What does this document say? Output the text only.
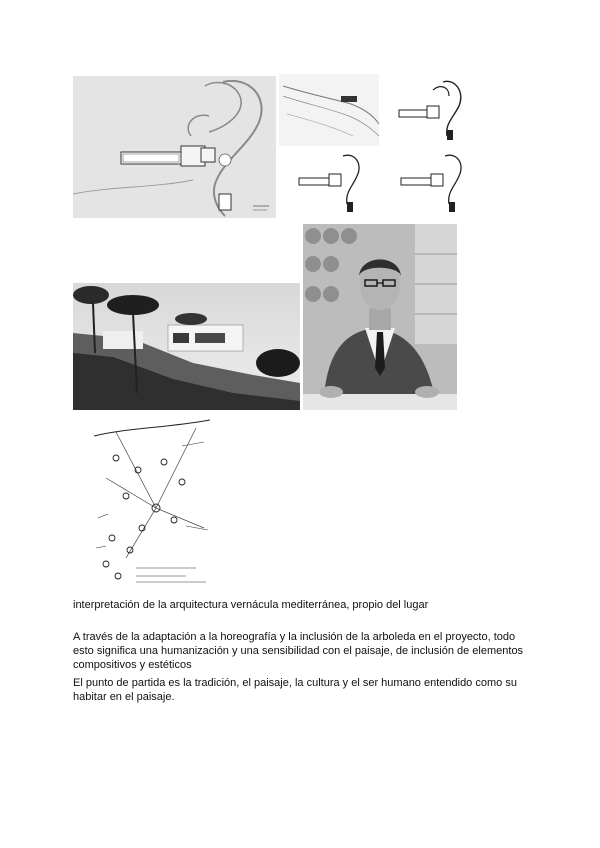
interpretación de la arquitectura vernácula mediterránea, propio del lugar

A través de la adaptación a la horeografía y la inclusión de la arboleda en el proyecto, todo esto significa una humanización y una sensibilidad con el paisaje, de inclusión de elementos compositivos y estéticos

El punto de partida es la tradición, el paisaje, la cultura y el ser humano entendido como su habitar en el paisaje.
